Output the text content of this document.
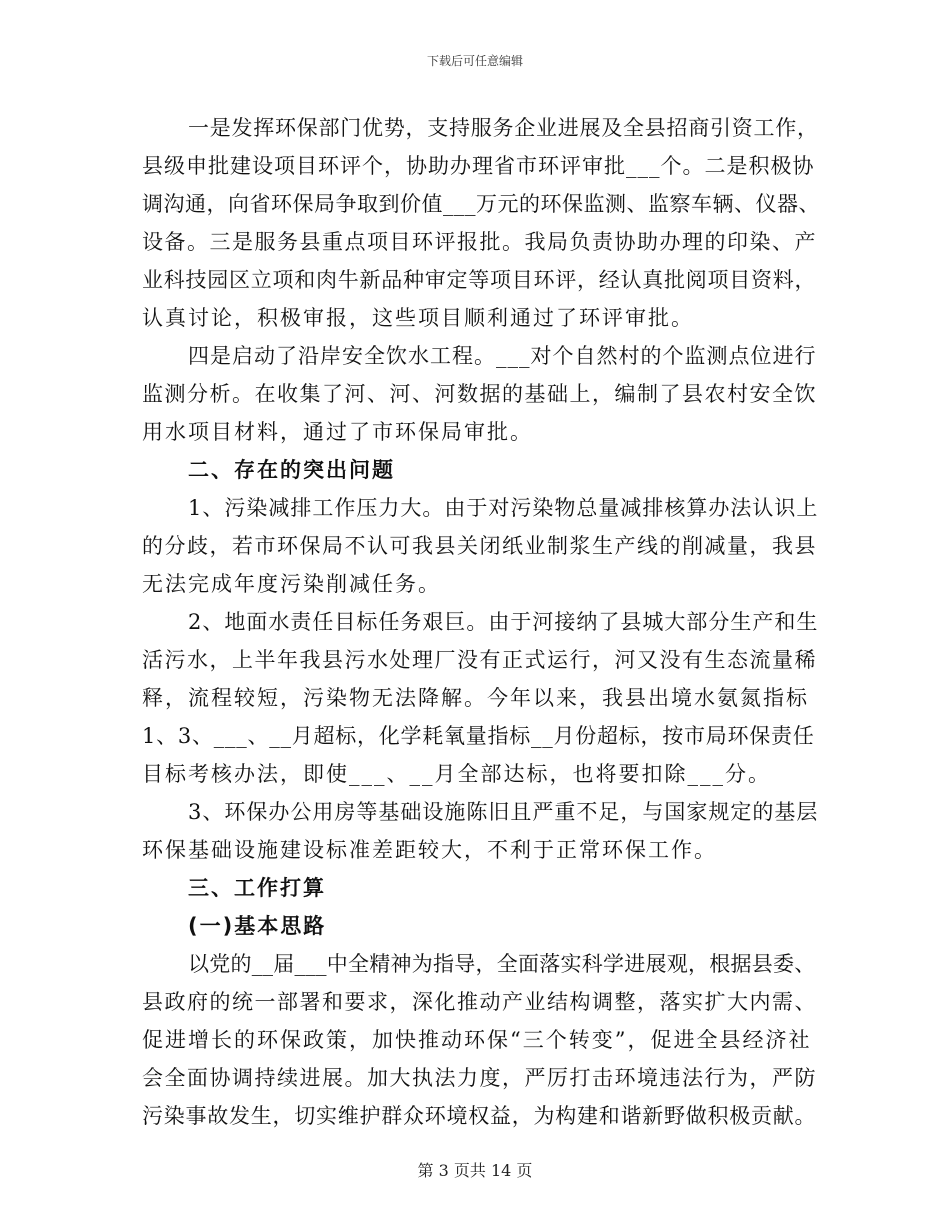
下载后可任意编辑
一是发挥环保部门优势，支持服务企业进展及全县招商引资工作，
县级申批建设项目环评个，协助办理省市环评审批___个。二是积极协
调沟通，向省环保局争取到价值___万元的环保监测、监察车辆、仪器、
设备。三是服务县重点项目环评报批。我局负责协助办理的印染、产
业科技园区立项和肉牛新品种审定等项目环评，经认真批阅项目资料，
认真讨论，积极审报，这些项目顺利通过了环评审批。
四是启动了沿岸安全饮水工程。___对个自然村的个监测点位进行
监测分析。在收集了河、河、河数据的基础上，编制了县农村安全饮
用水项目材料，通过了市环保局审批。
二、存在的突出问题
1、污染减排工作压力大。由于对污染物总量减排核算办法认识上
的分歧，若市环保局不认可我县关闭纸业制浆生产线的削减量，我县
无法完成年度污染削减任务。
2、地面水责任目标任务艰巨。由于河接纳了县城大部分生产和生
活污水，上半年我县污水处理厂没有正式运行，河又没有生态流量稀
释，流程较短，污染物无法降解。今年以来，我县出境水氨氮指标
1、3、___、__月超标，化学耗氧量指标__月份超标，按市局环保责任
目标考核办法，即使___、__月全部达标，也将要扣除___分。
3、环保办公用房等基础设施陈旧且严重不足，与国家规定的基层
环保基础设施建设标准差距较大，不利于正常环保工作。
三、工作打算
(一)基本思路
以党的__届___中全精神为指导，全面落实科学进展观，根据县委、
县政府的统一部署和要求，深化推动产业结构调整，落实扩大内需、
促进增长的环保政策，加快推动环保“三个转变”，促进全县经济社
会全面协调持续进展。加大执法力度，严厉打击环境违法行为，严防
污染事故发生，切实维护群众环境权益，为构建和谐新野做积极贡献。
第 3 页共 14 页
